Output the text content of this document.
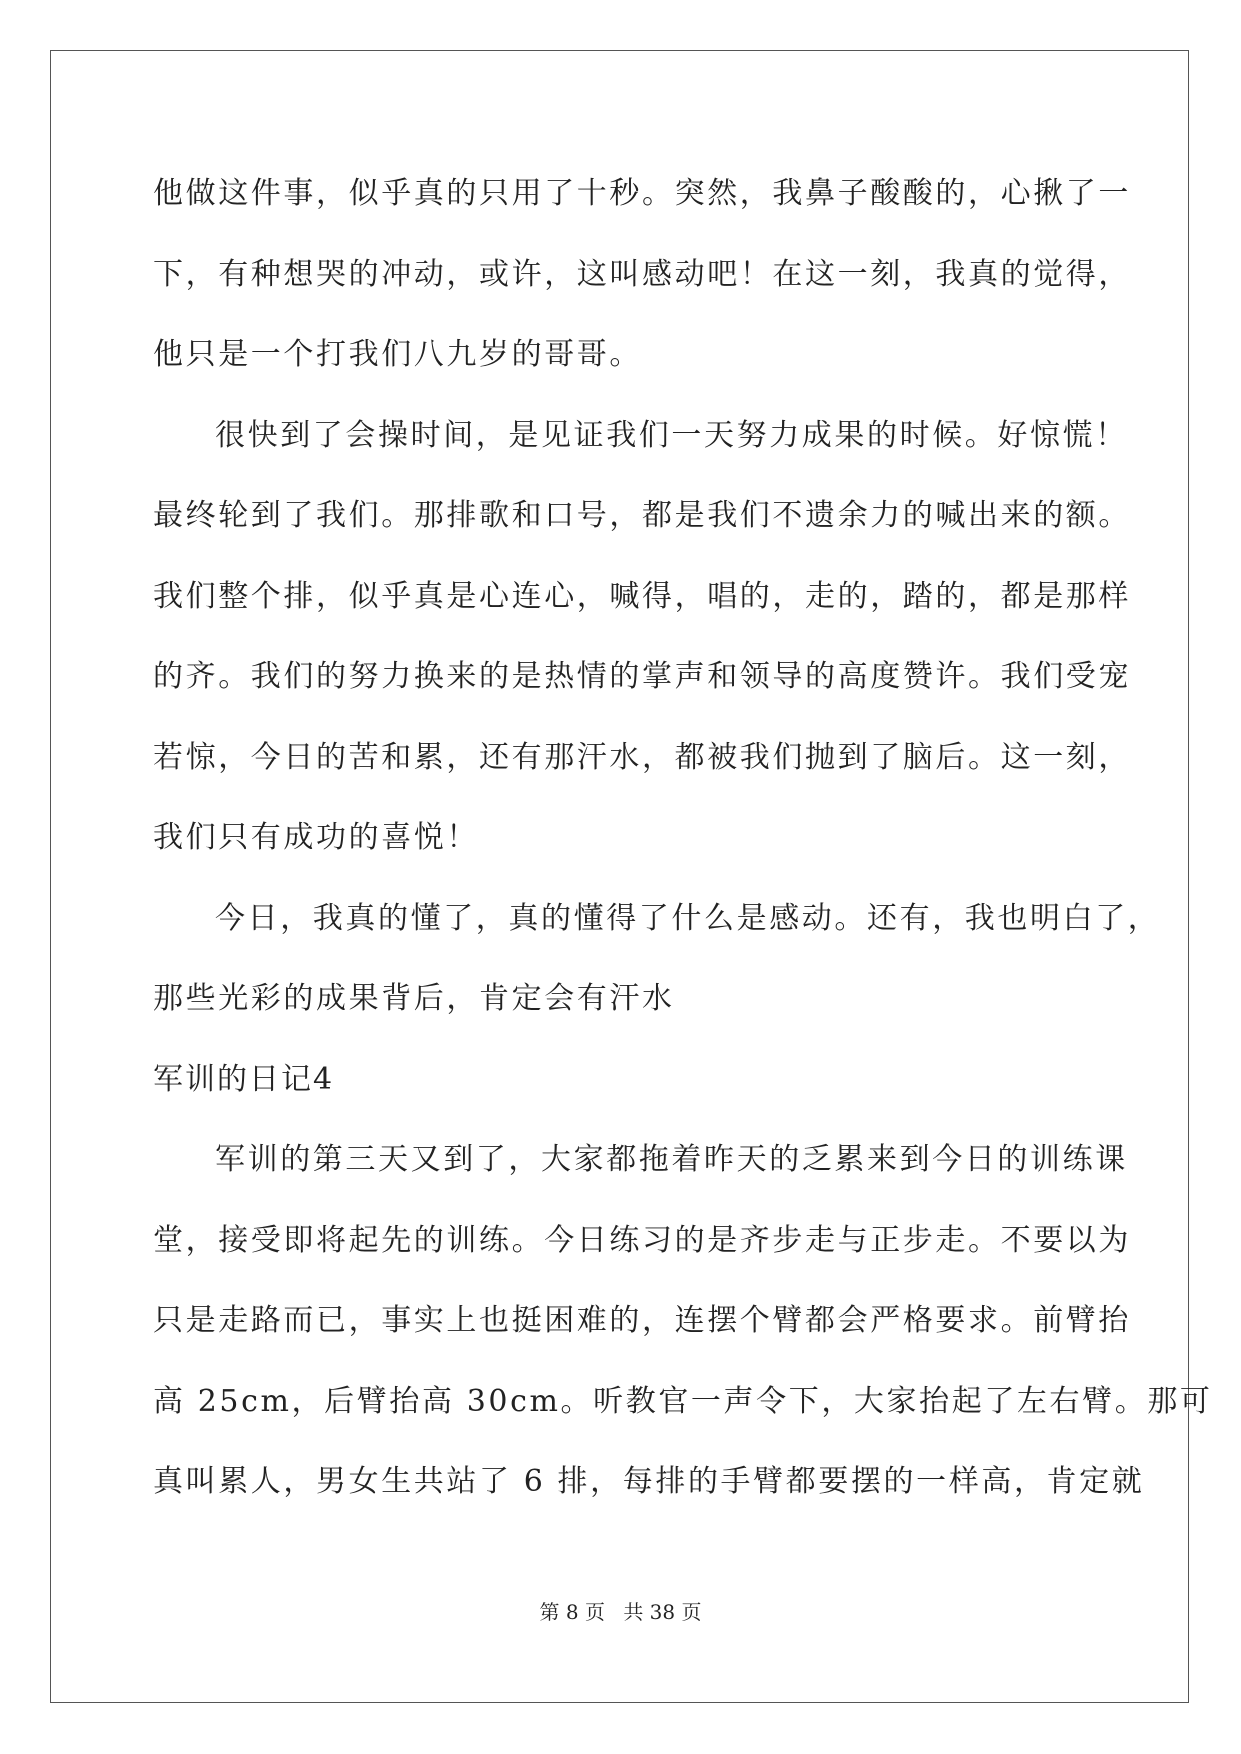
他做这件事，似乎真的只用了十秒。突然，我鼻子酸酸的，心揪了一
下，有种想哭的冲动，或许，这叫感动吧！在这一刻，我真的觉得，
他只是一个打我们八九岁的哥哥。
很快到了会操时间，是见证我们一天努力成果的时候。好惊慌！
最终轮到了我们。那排歌和口号，都是我们不遗余力的喊出来的额。
我们整个排，似乎真是心连心，喊得，唱的，走的，踏的，都是那样
的齐。我们的努力换来的是热情的掌声和领导的高度赞许。我们受宠
若惊，今日的苦和累，还有那汗水，都被我们抛到了脑后。这一刻，
我们只有成功的喜悦！
今日，我真的懂了，真的懂得了什么是感动。还有，我也明白了，
那些光彩的成果背后，肯定会有汗水
军训的日记4
军训的第三天又到了，大家都拖着昨天的乏累来到今日的训练课
堂，接受即将起先的训练。今日练习的是齐步走与正步走。不要以为
只是走路而已，事实上也挺困难的，连摆个臂都会严格要求。前臂抬
高 25cm，后臂抬高 30cm。听教官一声令下，大家抬起了左右臂。那可
真叫累人，男女生共站了 6 排，每排的手臂都要摆的一样高，肯定就
第 8 页 共 38 页
